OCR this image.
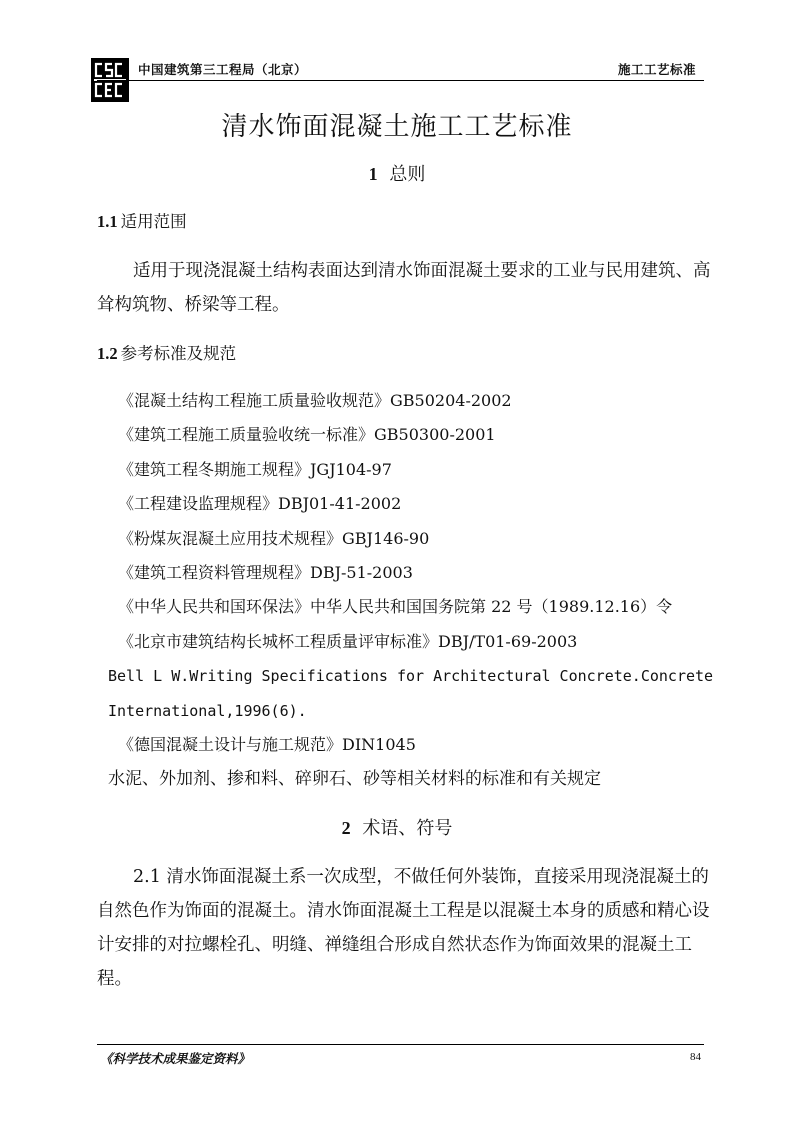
中国建筑第三工程局（北京）	施工工艺标准
清水饰面混凝土施工工艺标准
1 总则
1.1 适用范围

适用于现浇混凝土结构表面达到清水饰面混凝土要求的工业与民用建筑、高耸构筑物、桥梁等工程。

1.2 参考标准及规范
《混凝土结构工程施工质量验收规范》GB50204-2002
《建筑工程施工质量验收统一标准》GB50300-2001
《建筑工程冬期施工规程》JGJ104-97
《工程建设监理规程》DBJ01-41-2002
《粉煤灰混凝土应用技术规程》GBJ146-90
《建筑工程资料管理规程》DBJ-51-2003
《中华人民共和国环保法》中华人民共和国国务院第 22 号（1989.12.16）令
《北京市建筑结构长城杯工程质量评审标准》DBJ/T01-69-2003
Bell L W.Writing Specifications for Architectural Concrete.Concrete
International,1996(6).
《德国混凝土设计与施工规范》DIN1045
水泥、外加剂、掺和料、碎卵石、砂等相关材料的标准和有关规定
2 术语、符号

2.1 清水饰面混凝土系一次成型，不做任何外装饰，直接采用现浇混凝土的自然色作为饰面的混凝土。清水饰面混凝土工程是以混凝土本身的质感和精心设计安排的对拉螺栓孔、明缝、禅缝组合形成自然状态作为饰面效果的混凝土工程。

《科学技术成果鉴定资料》	84
